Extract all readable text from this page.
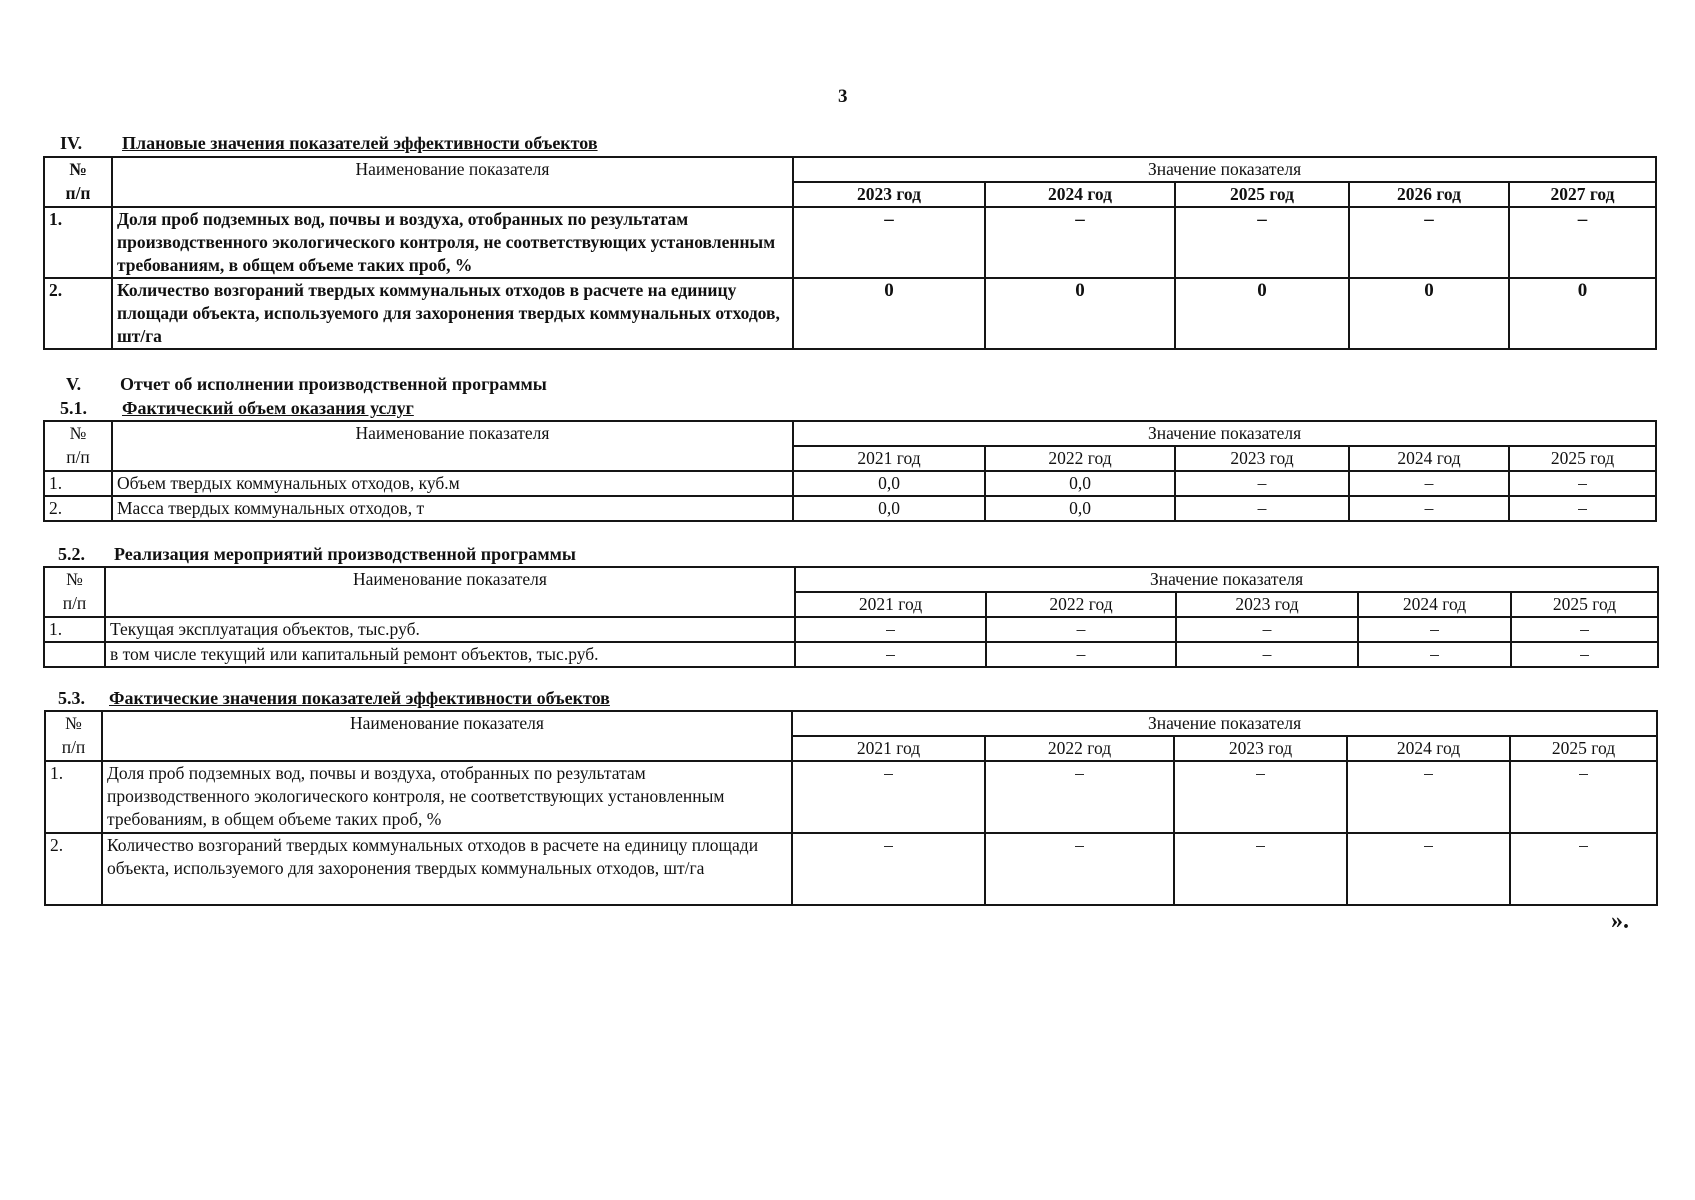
3
IV. Плановые значения показателей эффективности объектов
№	Наименование показателя	Значение показателя				
п/п		2023 год	2024 год	2025 год	2026 год	2027 год
1.	Доля проб подземных вод, почвы и воздуха, отобранных по результатам производственного экологического контроля, не соответствующих установленным требованиям, в общем объеме таких проб, %	–	–	–	–	–
2.	Количество возгораний твердых коммунальных отходов в расчете на единицу площади объекта, используемого для захоронения твердых коммунальных отходов, шт/га	0	0	0	0	0
V. Отчет об исполнении производственной программы
5.1. Фактический объем оказания услуг
№	Наименование показателя	Значение показателя				
п/п		2021 год	2022 год	2023 год	2024 год	2025 год
1.	Объем твердых коммунальных отходов, куб.м	0,0	0,0	–	–	–
2.	Масса твердых коммунальных отходов, т	0,0	0,0	–	–	–
5.2. Реализация мероприятий производственной программы
№	Наименование показателя	Значение показателя				
п/п		2021 год	2022 год	2023 год	2024 год	2025 год
1.	Текущая эксплуатация объектов, тыс.руб.	–	–	–	–	–
	в том числе текущий или капитальный ремонт объектов, тыс.руб.	–	–	–	–	–
5.3. Фактические значения показателей эффективности объектов
№	Наименование показателя	Значение показателя				
п/п		2021 год	2022 год	2023 год	2024 год	2025 год
1.	Доля проб подземных вод, почвы и воздуха, отобранных по результатам производственного экологического контроля, не соответствующих установленным требованиям, в общем объеме таких проб, %	–	–	–	–	–
2.	Количество возгораний твердых коммунальных отходов в расчете на единицу площади объекта, используемого для захоронения твердых коммунальных отходов, шт/га	–	–	–	–	–
».
